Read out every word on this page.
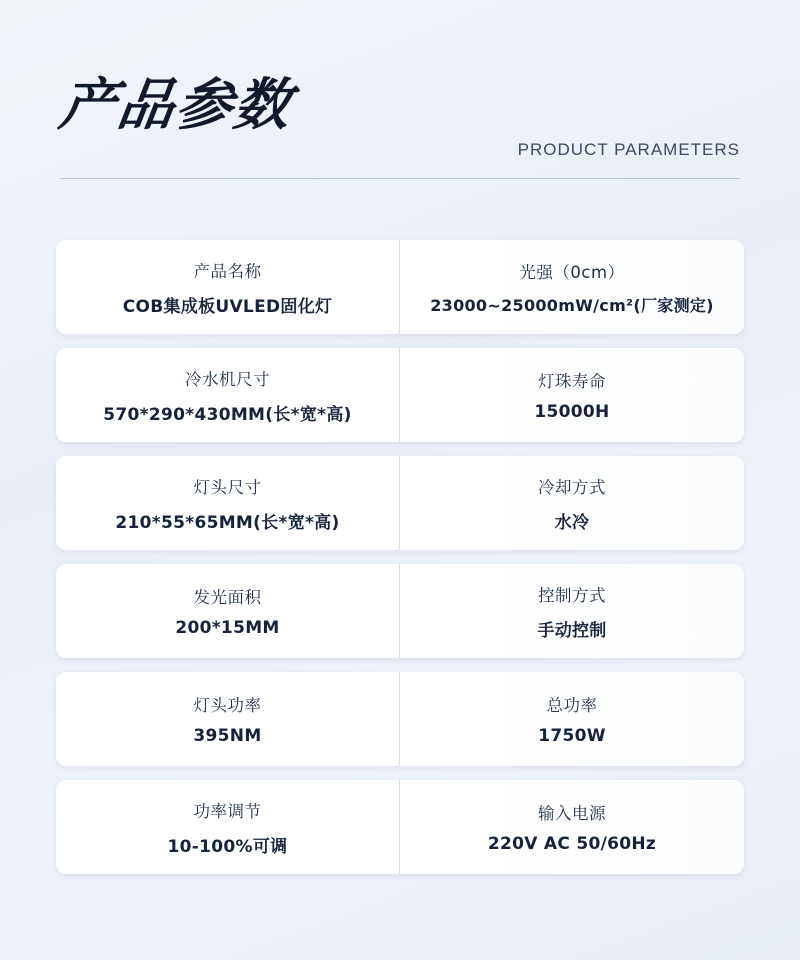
产品参数
PRODUCT PARAMETERS
产品名称
COB集成板UVLED固化灯
光强（0cm）
23000~25000mW/cm²(厂家测定)
冷水机尺寸
570*290*430MM(长*宽*高)
灯珠寿命
15000H
灯头尺寸
210*55*65MM(长*宽*高)
冷却方式
水冷
发光面积
200*15MM
控制方式
手动控制
灯头功率
395NM
总功率
1750W
功率调节
10-100%可调
输入电源
220V AC 50/60Hz
